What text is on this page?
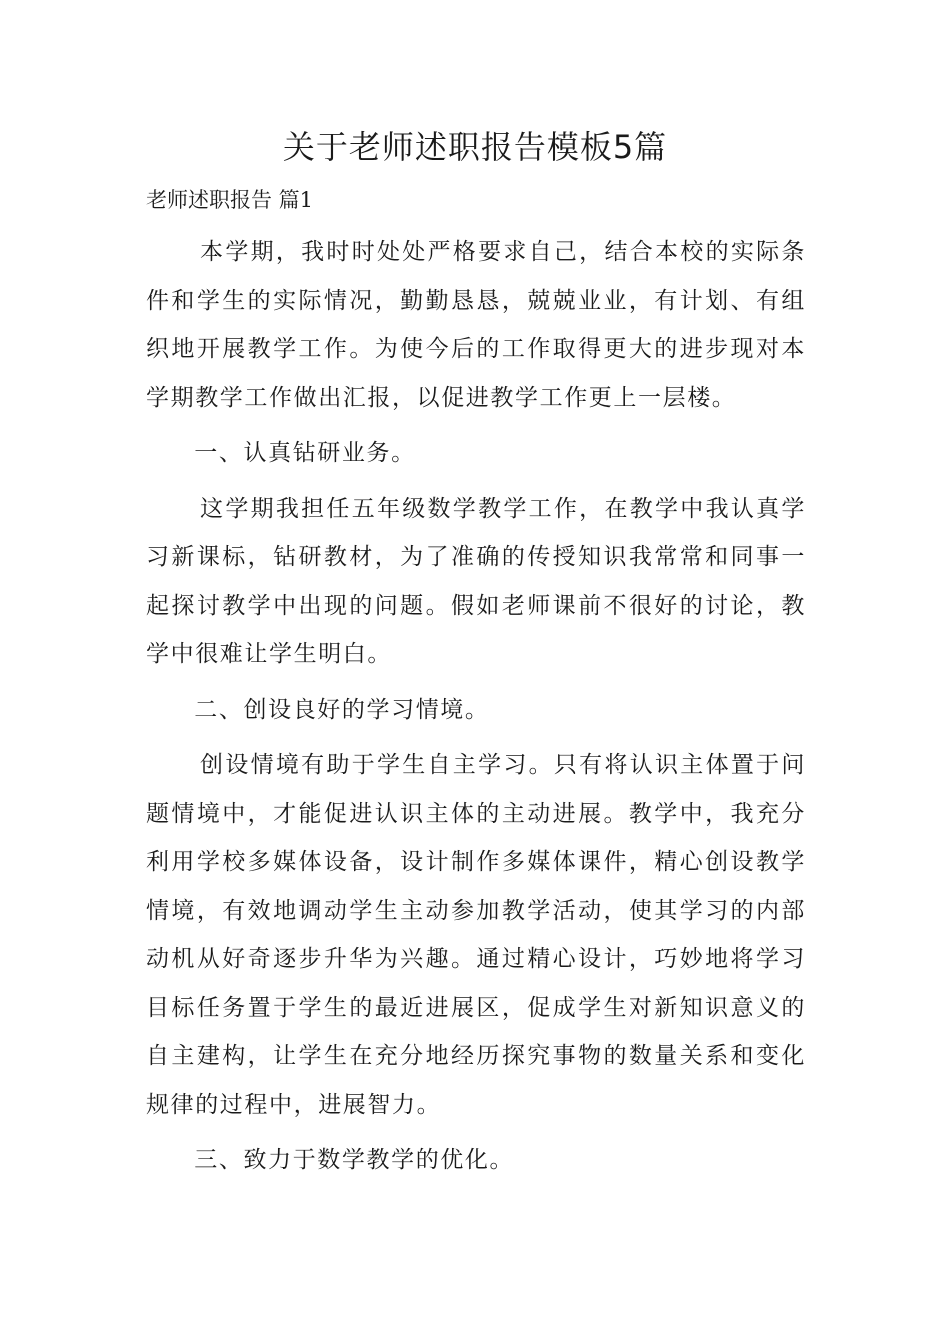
关于老师述职报告模板5篇

老师述职报告 篇1

本学期，我时时处处严格要求自己，结合本校的实际条件和学生的实际情况，勤勤恳恳，兢兢业业，有计划、有组织地开展教学工作。为使今后的工作取得更大的进步现对本学期教学工作做出汇报，以促进教学工作更上一层楼。

一、认真钻研业务。

这学期我担任五年级数学教学工作，在教学中我认真学习新课标，钻研教材，为了准确的传授知识我常常和同事一起探讨教学中出现的问题。假如老师课前不很好的讨论，教学中很难让学生明白。

二、创设良好的学习情境。

创设情境有助于学生自主学习。只有将认识主体置于问题情境中，才能促进认识主体的主动进展。教学中，我充分利用学校多媒体设备，设计制作多媒体课件，精心创设教学情境，有效地调动学生主动参加教学活动，使其学习的内部动机从好奇逐步升华为兴趣。通过精心设计，巧妙地将学习目标任务置于学生的最近进展区，促成学生对新知识意义的自主建构，让学生在充分地经历探究事物的数量关系和变化规律的过程中，进展智力。

三、致力于数学教学的优化。
